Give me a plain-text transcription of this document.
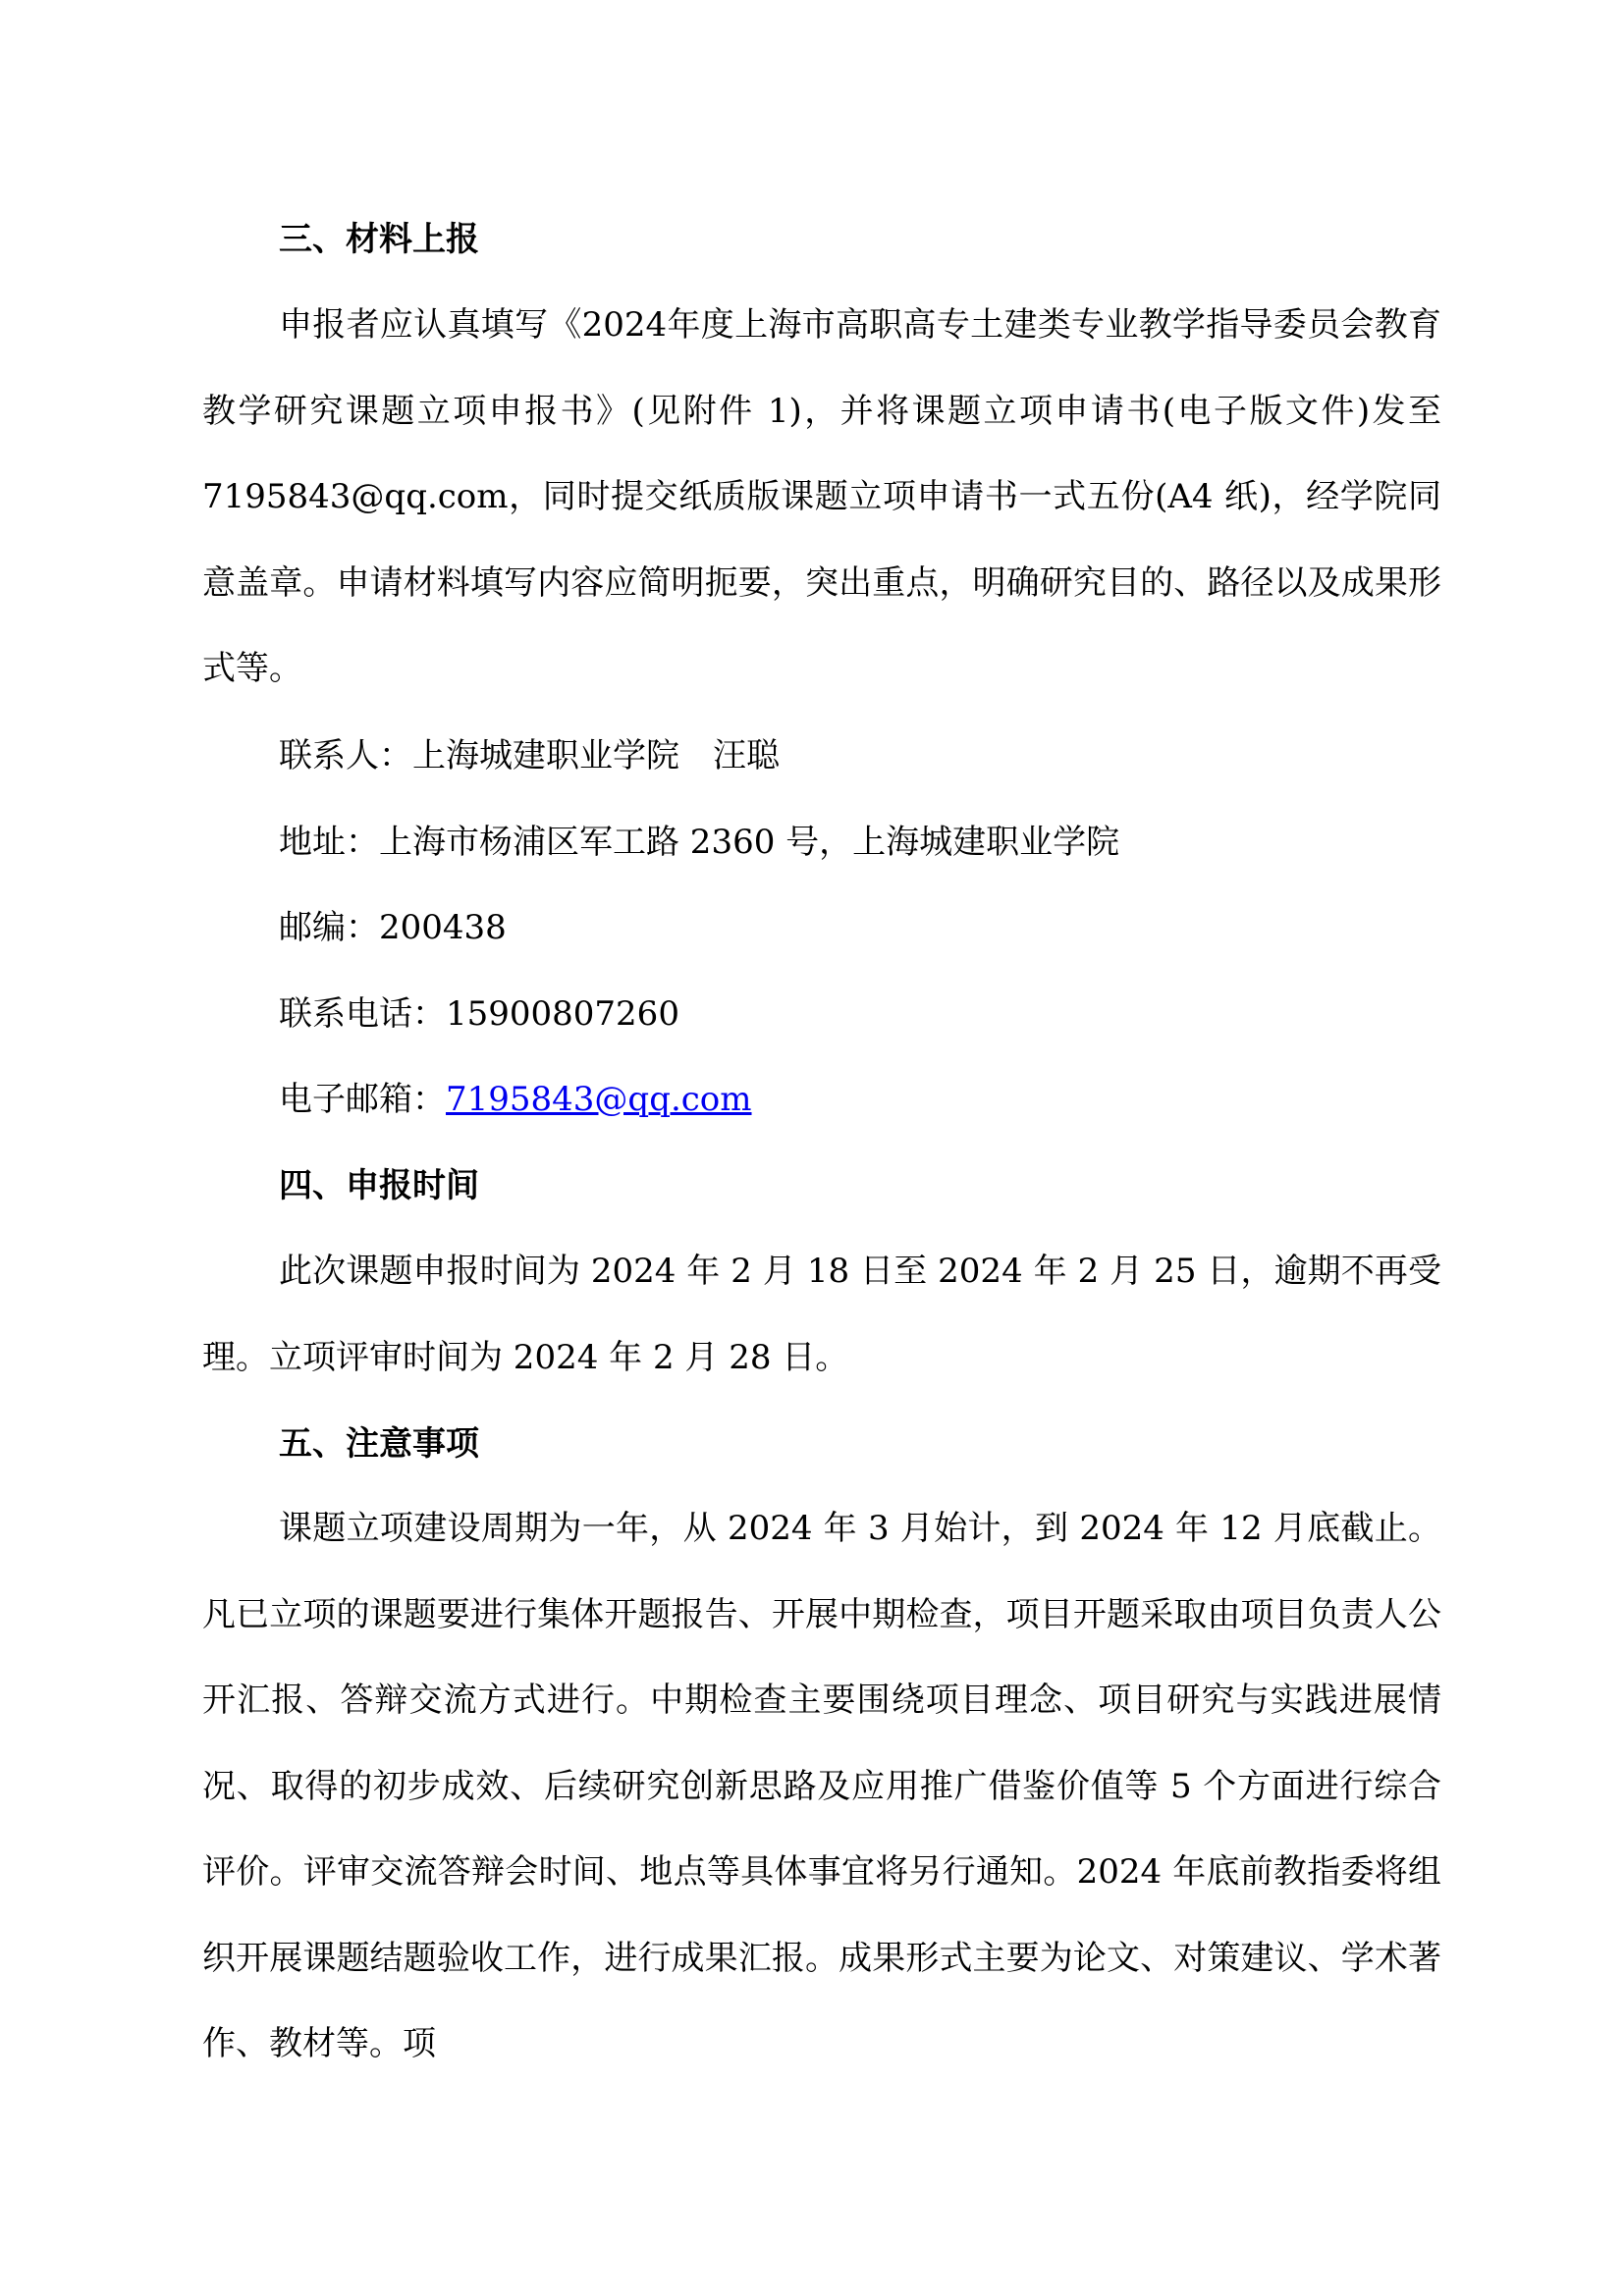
三、材料上报

申报者应认真填写《2024年度上海市高职高专土建类专业教学指导委员会教育教学研究课题立项申报书》(见附件 1)，并将课题立项申请书(电子版文件)发至 7195843@qq.com，同时提交纸质版课题立项申请书一式五份(A4 纸)，经学院同意盖章。申请材料填写内容应简明扼要，突出重点，明确研究目的、路径以及成果形式等。

联系人：上海城建职业学院　汪聪

地址：上海市杨浦区军工路 2360 号，上海城建职业学院

邮编：200438

联系电话：15900807260

电子邮箱：7195843@qq.com

四、申报时间

此次课题申报时间为 2024 年 2 月 18 日至 2024 年 2 月 25 日，逾期不再受理。立项评审时间为 2024 年 2 月 28 日。

五、注意事项

课题立项建设周期为一年，从 2024 年 3 月始计，到 2024 年 12 月底截止。凡已立项的课题要进行集体开题报告、开展中期检查，项目开题采取由项目负责人公开汇报、答辩交流方式进行。中期检查主要围绕项目理念、项目研究与实践进展情况、取得的初步成效、后续研究创新思路及应用推广借鉴价值等 5 个方面进行综合评价。评审交流答辩会时间、地点等具体事宜将另行通知。2024 年底前教指委将组织开展课题结题验收工作，进行成果汇报。成果形式主要为论文、对策建议、学术著作、教材等。项
